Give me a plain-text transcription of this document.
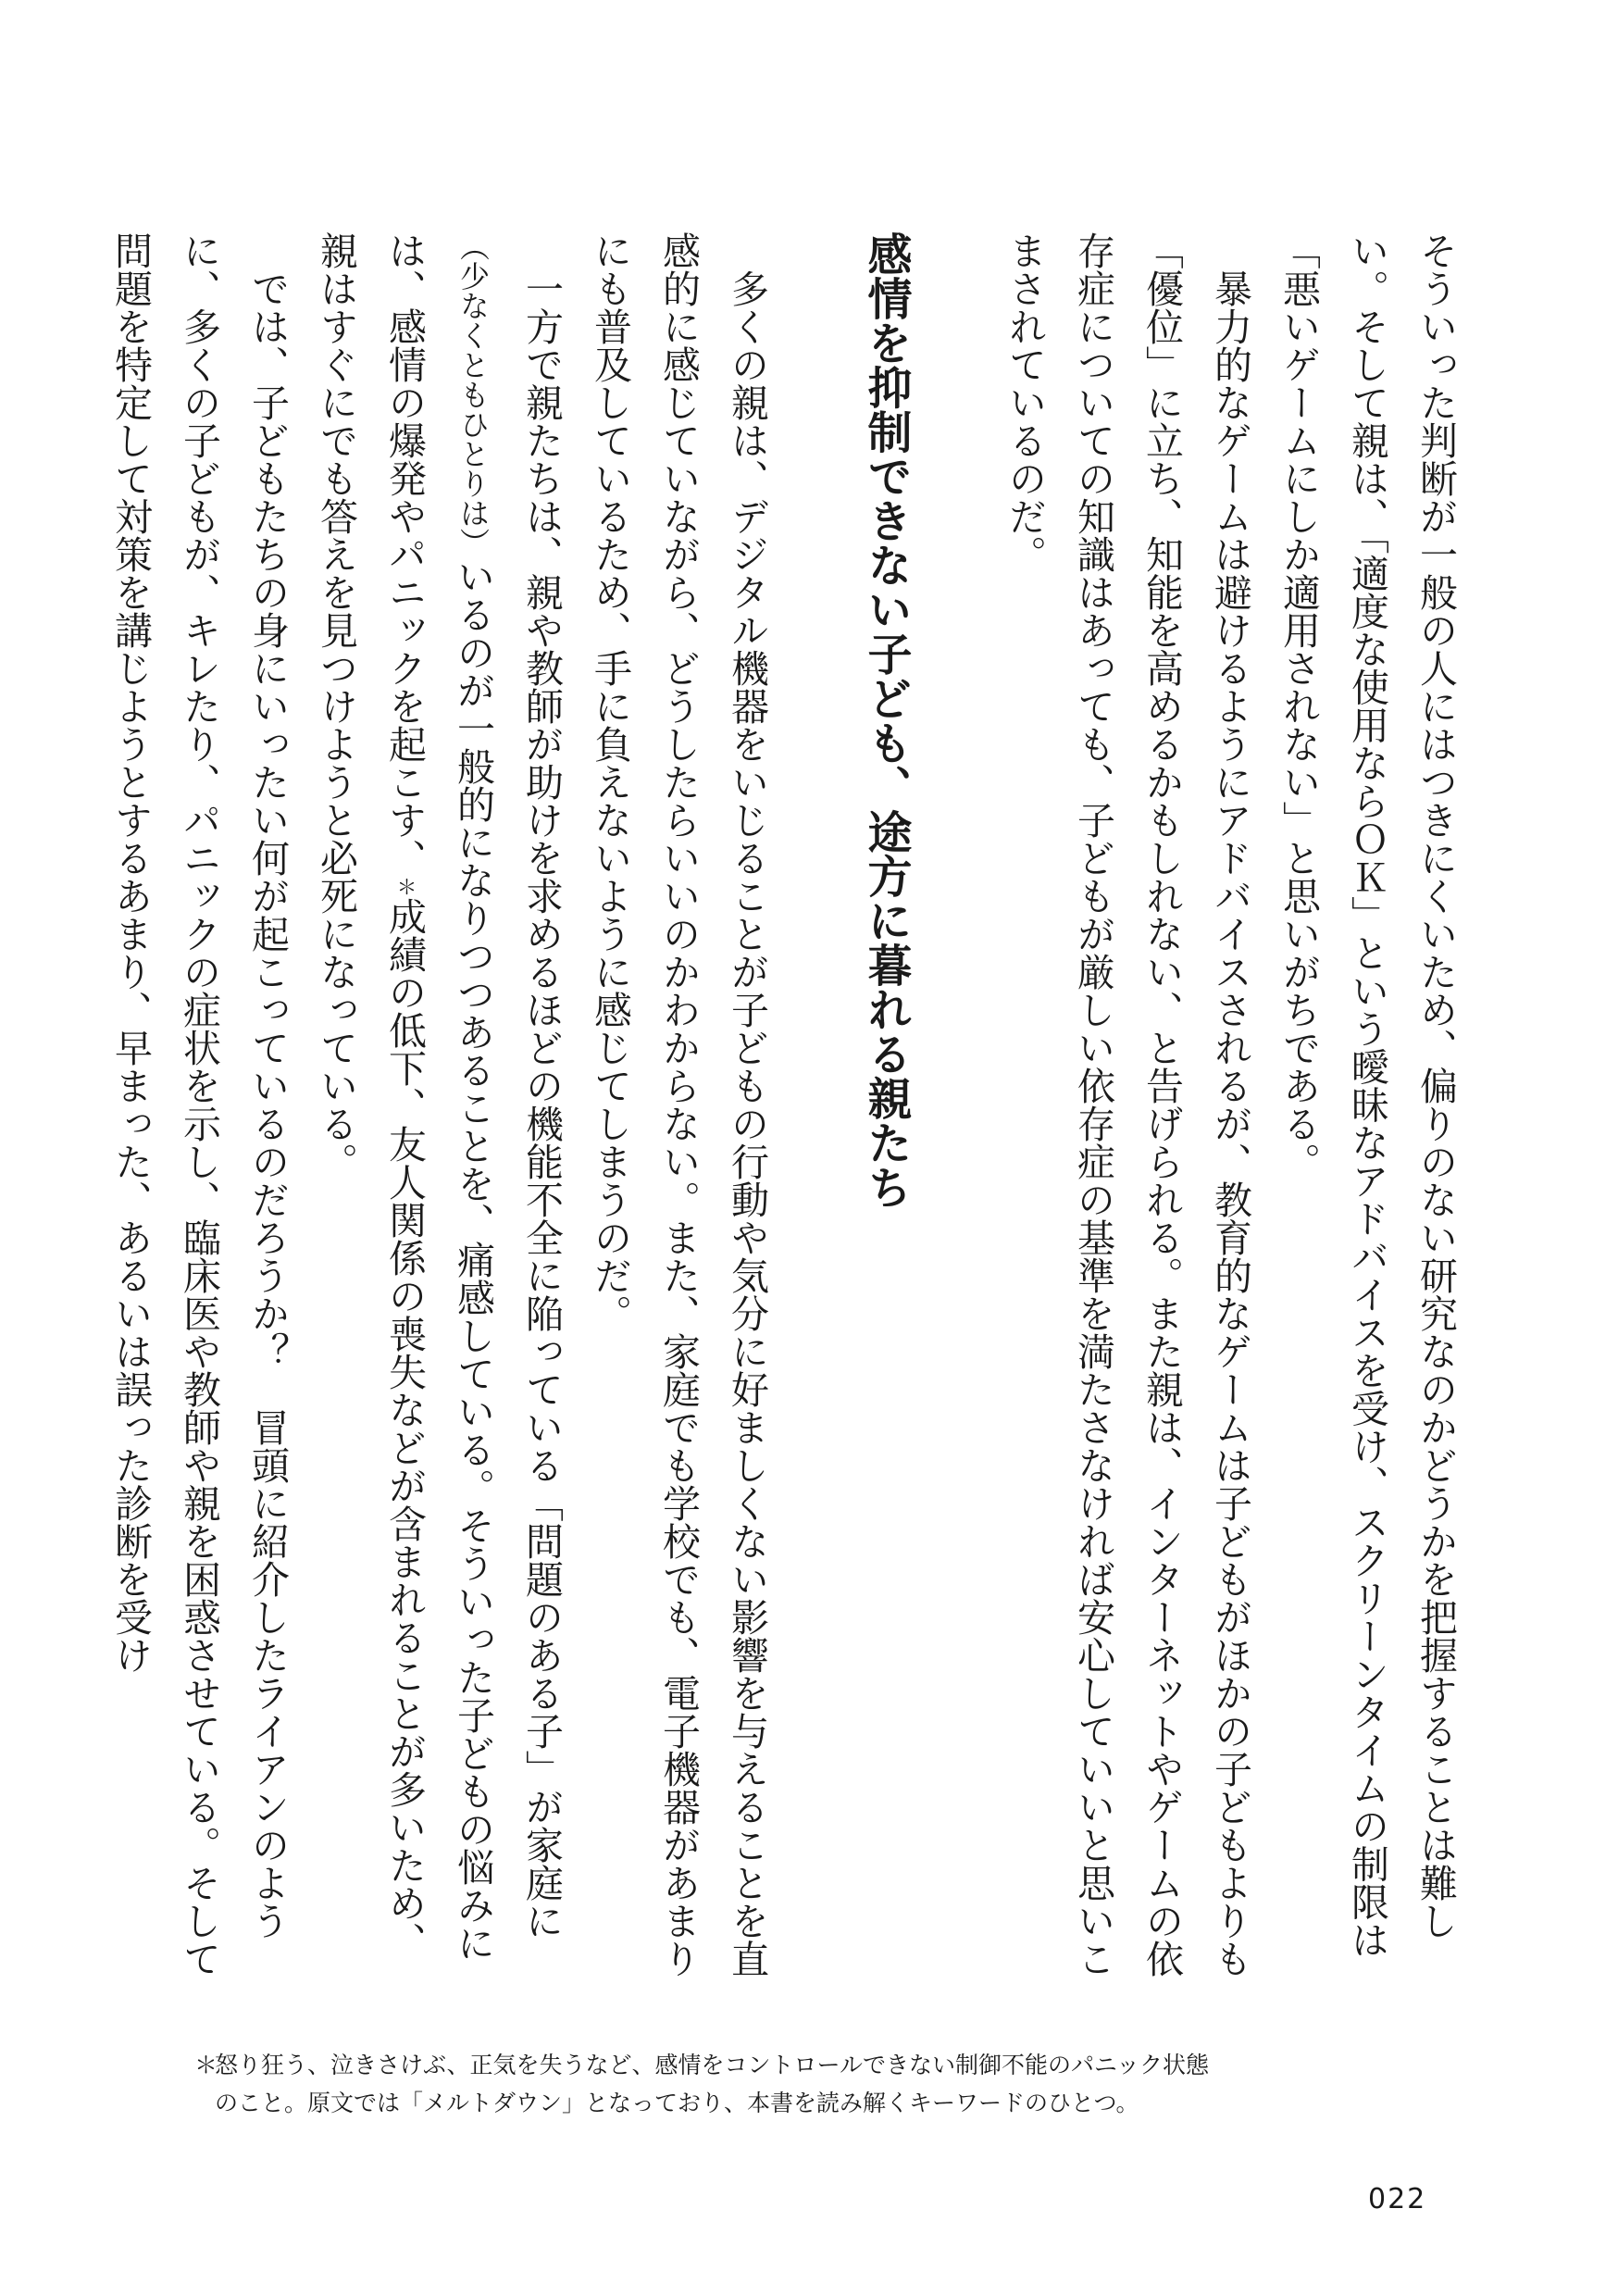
そういった判断が一般の人にはつきにくいため、偏りのない研究なのかどうかを把握することは難しい。そして親は、「適度な使用ならＯＫ」という曖昧なアドバイスを受け、スクリーンタイムの制限は「悪いゲームにしか適用されない」と思いがちである。

暴力的なゲームは避けるようにアドバイスされるが、教育的なゲームは子どもがほかの子どもよりも「優位」に立ち、知能を高めるかもしれない、と告げられる。また親は、インターネットやゲームの依存症についての知識はあっても、子どもが厳しい依存症の基準を満たさなければ安心していいと思いこまされているのだ。

感情を抑制できない子ども、途方に暮れる親たち

多くの親は、デジタル機器をいじることが子どもの行動や気分に好ましくない影響を与えることを直感的に感じていながら、どうしたらいいのかわからない。また、家庭でも学校でも、電子機器があまりにも普及しているため、手に負えないように感じてしまうのだ。

一方で親たちは、親や教師が助けを求めるほどの機能不全に陥っている「問題のある子」が家庭に（少なくともひとりは）いるのが一般的になりつつあることを、痛感している。そういった子どもの悩みには、感情の爆発やパニックを起こす、＊成績の低下、友人関係の喪失などが含まれることが多いため、親はすぐにでも答えを見つけようと必死になっている。

では、子どもたちの身にいったい何が起こっているのだろうか？　冒頭に紹介したライアンのように、多くの子どもが、キレたり、パニックの症状を示し、臨床医や教師や親を困惑させている。そして問題を特定して対策を講じようとするあまり、早まった、あるいは誤った診断を受け

＊
怒り狂う、泣きさけぶ、正気を失うなど、感情をコントロールできない制御不能のパニック状態のこと。原文では「メルトダウン」となっており、本書を読み解くキーワードのひとつ。
022
